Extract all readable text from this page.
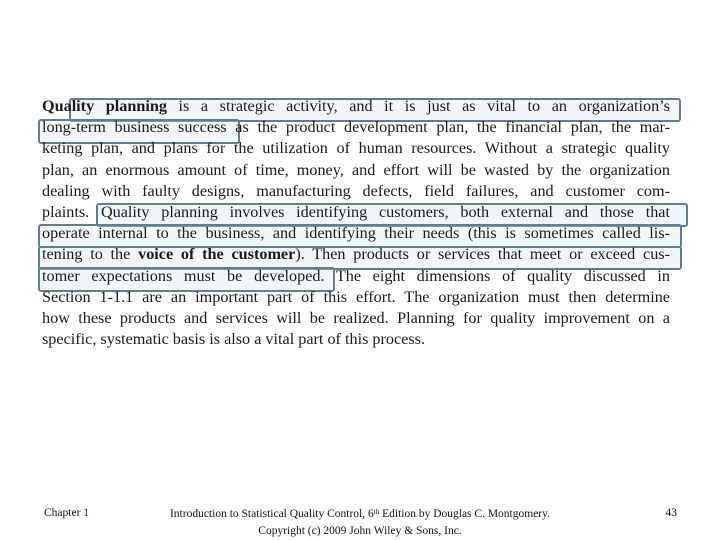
Quality planning is a strategic activity, and it is just as vital to an organization’s
long-term business success as the product development plan, the financial plan, the mar-
keting plan, and plans for the utilization of human resources. Without a strategic quality
plan, an enormous amount of time, money, and effort will be wasted by the organization
dealing with faulty designs, manufacturing defects, field failures, and customer com-
plaints. Quality planning involves identifying customers, both external and those that
operate internal to the business, and identifying their needs (this is sometimes called lis-
tening to the voice of the customer). Then products or services that meet or exceed cus-
tomer expectations must be developed. The eight dimensions of quality discussed in
Section 1-1.1 are an important part of this effort. The organization must then determine
how these products and services will be realized. Planning for quality improvement on a
specific, systematic basis is also a vital part of this process.
Chapter 1	Introduction to Statistical Quality Control, 6th Edition by Douglas C. Montgomery.
Copyright (c) 2009 John Wiley & Sons, Inc.
43
